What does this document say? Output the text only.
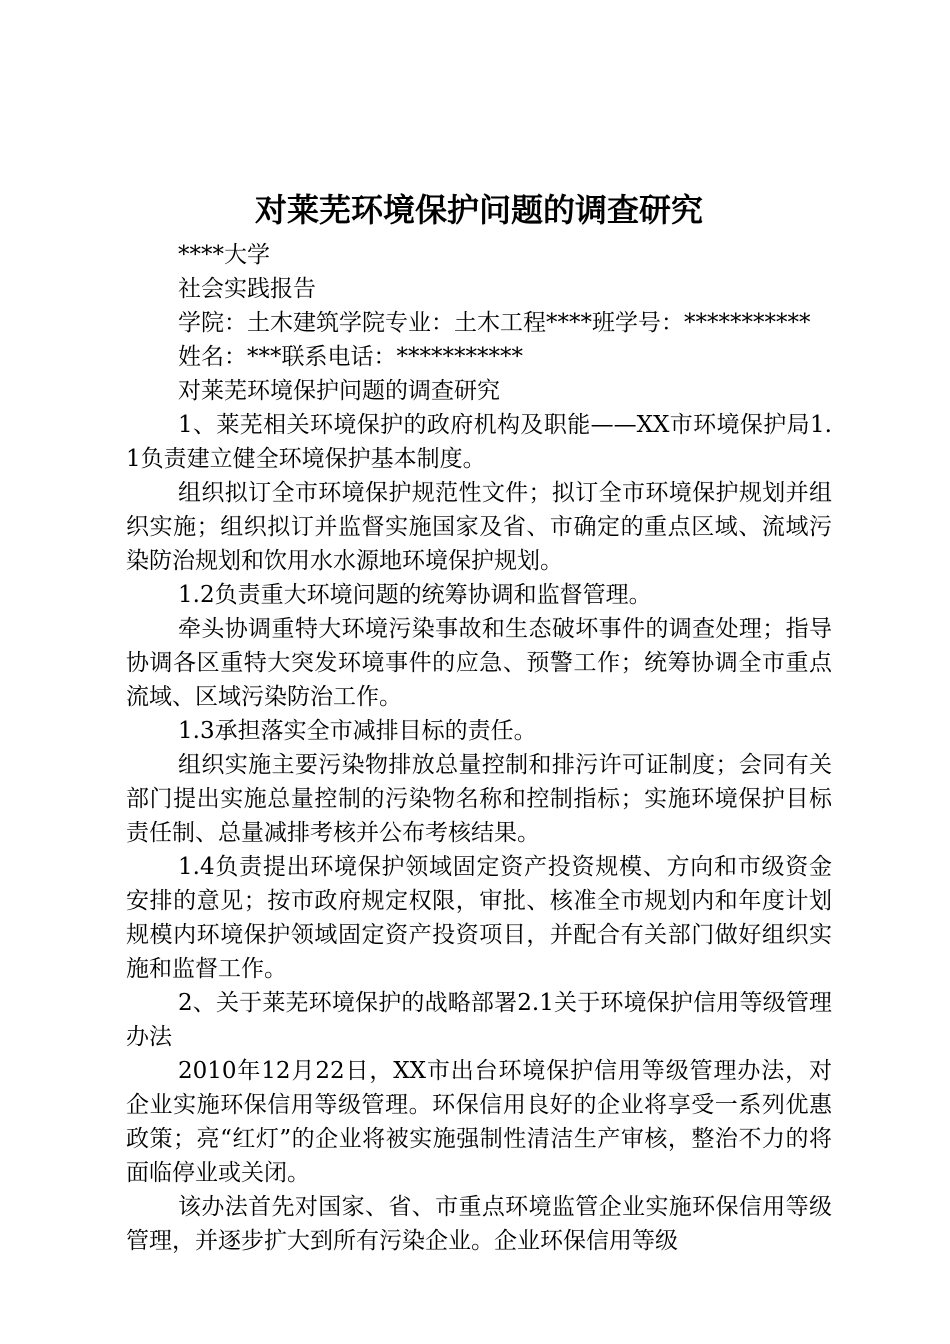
对莱芜环境保护问题的调查研究

****大学

社会实践报告

学院：土木建筑学院专业：土木工程****班学号：***********

姓名：***联系电话：***********

对莱芜环境保护问题的调查研究

1、莱芜相关环境保护的政府机构及职能——XX市环境保护局1.1负责建立健全环境保护基本制度。

组织拟订全市环境保护规范性文件；拟订全市环境保护规划并组织实施；组织拟订并监督实施国家及省、市确定的重点区域、流域污染防治规划和饮用水水源地环境保护规划。

1.2负责重大环境问题的统筹协调和监督管理。

牵头协调重特大环境污染事故和生态破坏事件的调查处理；指导协调各区重特大突发环境事件的应急、预警工作；统筹协调全市重点流域、区域污染防治工作。

1.3承担落实全市减排目标的责任。

组织实施主要污染物排放总量控制和排污许可证制度；会同有关部门提出实施总量控制的污染物名称和控制指标；实施环境保护目标责任制、总量减排考核并公布考核结果。

1.4负责提出环境保护领域固定资产投资规模、方向和市级资金安排的意见；按市政府规定权限，审批、核准全市规划内和年度计划规模内环境保护领域固定资产投资项目，并配合有关部门做好组织实施和监督工作。

2、关于莱芜环境保护的战略部署2.1关于环境保护信用等级管理办法

2010年12月22日，XX市出台环境保护信用等级管理办法，对企业实施环保信用等级管理。环保信用良好的企业将享受一系列优惠政策；亮“红灯”的企业将被实施强制性清洁生产审核，整治不力的将面临停业或关闭。

该办法首先对国家、省、市重点环境监管企业实施环保信用等级管理，并逐步扩大到所有污染企业。企业环保信用等级
